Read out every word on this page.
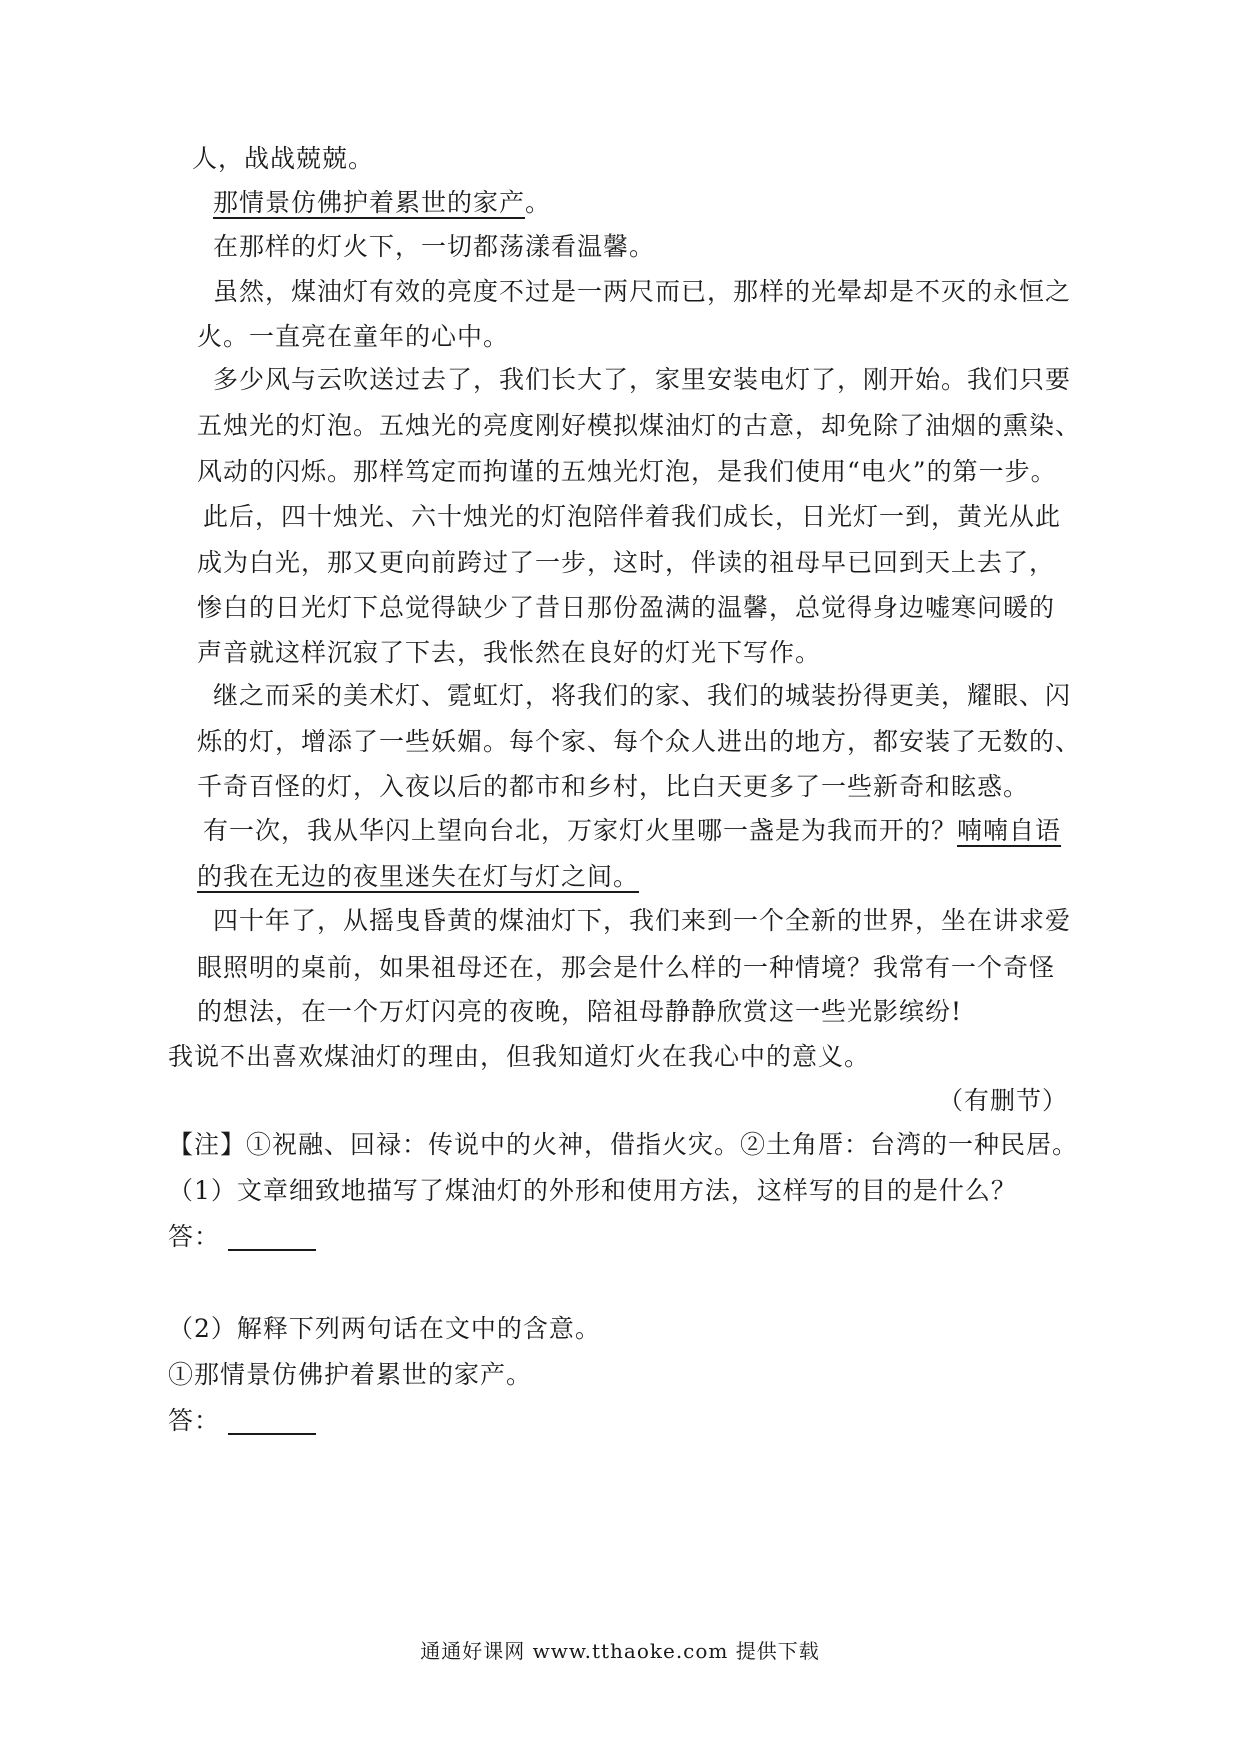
人，战战兢兢。
那情景仿佛护着累世的家产。
在那样的灯火下，一切都荡漾看温馨。
虽然，煤油灯有效的亮度不过是一两尺而已，那样的光晕却是不灭的永恒之
火。一直亮在童年的心中。
多少风与云吹送过去了，我们长大了，家里安装电灯了，刚开始。我们只要
五烛光的灯泡。五烛光的亮度刚好模拟煤油灯的古意，却免除了油烟的熏染、
风动的闪烁。那样笃定而拘谨的五烛光灯泡，是我们使用“电火”的第一步。
此后，四十烛光、六十烛光的灯泡陪伴着我们成长，日光灯一到，黄光从此
成为白光，那又更向前跨过了一步，这时，伴读的祖母早已回到天上去了，
惨白的日光灯下总觉得缺少了昔日那份盈满的温馨，总觉得身边嘘寒问暖的
声音就这样沉寂了下去，我怅然在良好的灯光下写作。
继之而采的美术灯、霓虹灯，将我们的家、我们的城装扮得更美，耀眼、闪
烁的灯，增添了一些妖媚。每个家、每个众人进出的地方，都安装了无数的、
千奇百怪的灯，入夜以后的都市和乡村，比白天更多了一些新奇和眩惑。
有一次，我从华闪上望向台北，万家灯火里哪一盏是为我而开的？喃喃自语
的我在无边的夜里迷失在灯与灯之间。
四十年了，从摇曳昏黄的煤油灯下，我们来到一个全新的世界，坐在讲求爱
眼照明的桌前，如果祖母还在，那会是什么样的一种情境？我常有一个奇怪
的想法，在一个万灯闪亮的夜晚，陪祖母静静欣赏这一些光影缤纷!
我说不出喜欢煤油灯的理由，但我知道灯火在我心中的意义。
（有删节）
【注】①祝融、回禄：传说中的火神，借指火灾。②土角厝：台湾的一种民居。
（1）文章细致地描写了煤油灯的外形和使用方法，这样写的目的是什么？
答：
（2）解释下列两句话在文中的含意。
①那情景仿佛护着累世的家产。
答：
通通好课网 www.tthaoke.com 提供下载
